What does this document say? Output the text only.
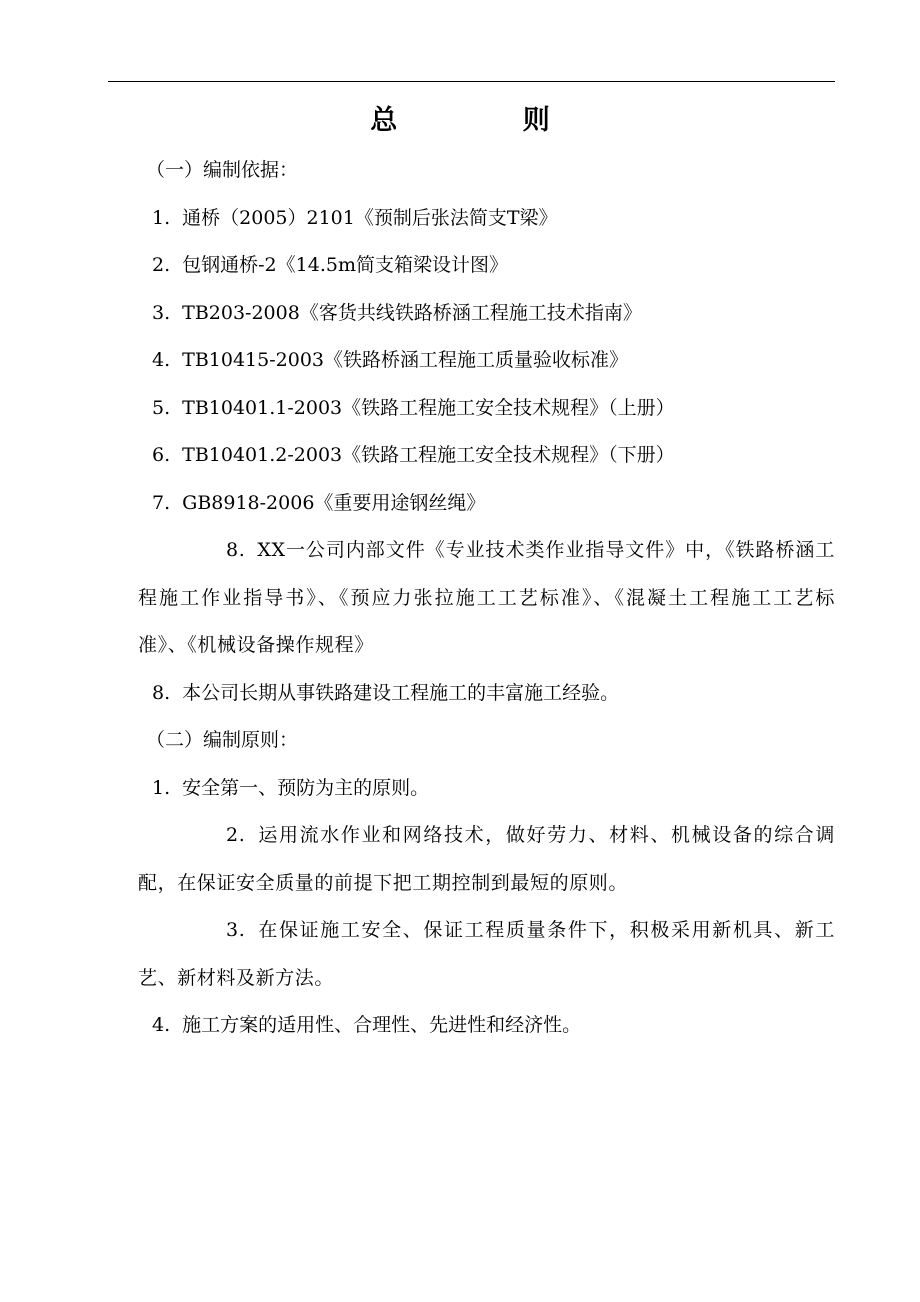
总 则

（一）编制依据：

1. 通桥（2005）2101《预制后张法简支T梁》

2. 包钢通桥-2《14.5m简支箱梁设计图》

3. TB203-2008《客货共线铁路桥涵工程施工技术指南》

4. TB10415-2003《铁路桥涵工程施工质量验收标准》

5. TB10401.1-2003《铁路工程施工安全技术规程》（上册）

6. TB10401.2-2003《铁路工程施工安全技术规程》（下册）

7. GB8918-2006《重要用途钢丝绳》

8. XX一公司内部文件《专业技术类作业指导文件》中，《铁路桥涵工程施工作业指导书》、《预应力张拉施工工艺标准》、《混凝土工程施工工艺标准》、《机械设备操作规程》

8. 本公司长期从事铁路建设工程施工的丰富施工经验。

（二）编制原则：

1. 安全第一、预防为主的原则。

2. 运用流水作业和网络技术，做好劳力、材料、机械设备的综合调配，在保证安全质量的前提下把工期控制到最短的原则。

3. 在保证施工安全、保证工程质量条件下，积极采用新机具、新工艺、新材料及新方法。

4. 施工方案的适用性、合理性、先进性和经济性。
